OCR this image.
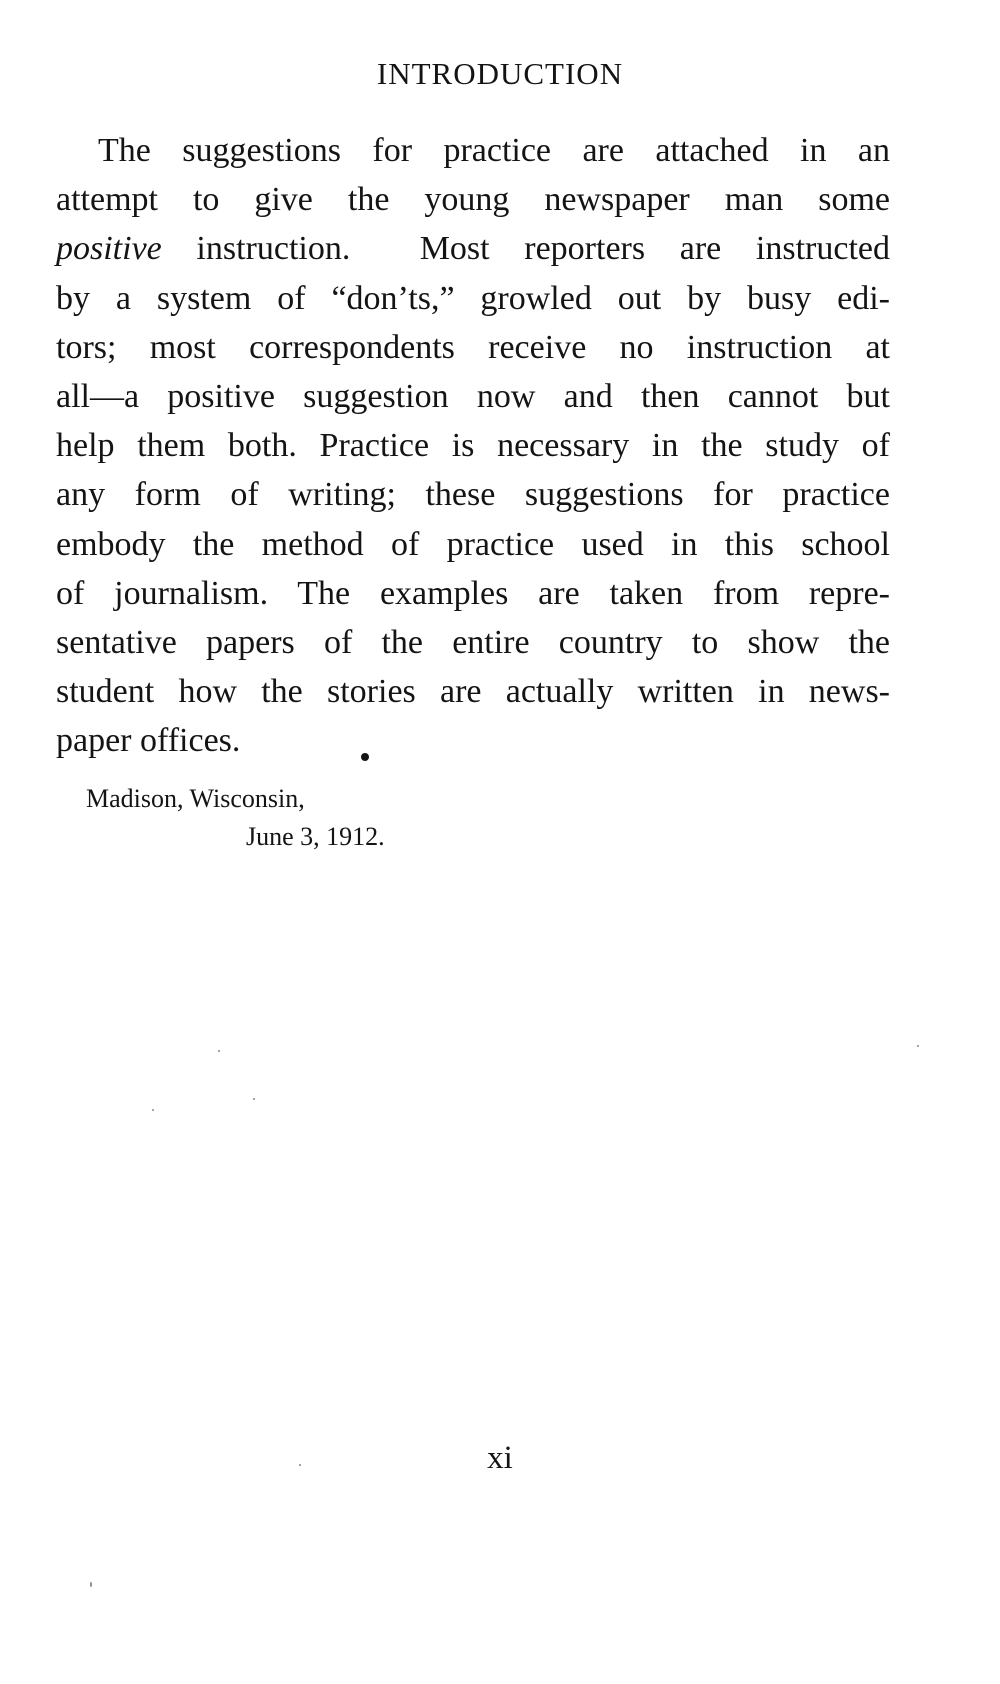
INTRODUCTION
The suggestions for practice are attached in an
attempt to give the young newspaper man some
positive instruction.  Most reporters are instructed
by a system of “don’ts,” growled out by busy edi-
tors; most correspondents receive no instruction at
all—a positive suggestion now and then cannot but
help them both. Practice is necessary in the study of
any form of writing; these suggestions for practice
embody the method of practice used in this school
of journalism. The examples are taken from repre-
sentative papers of the entire country to show the
student how the stories are actually written in news-
paper offices.
Madison, Wisconsin,
June 3, 1912.
xi
